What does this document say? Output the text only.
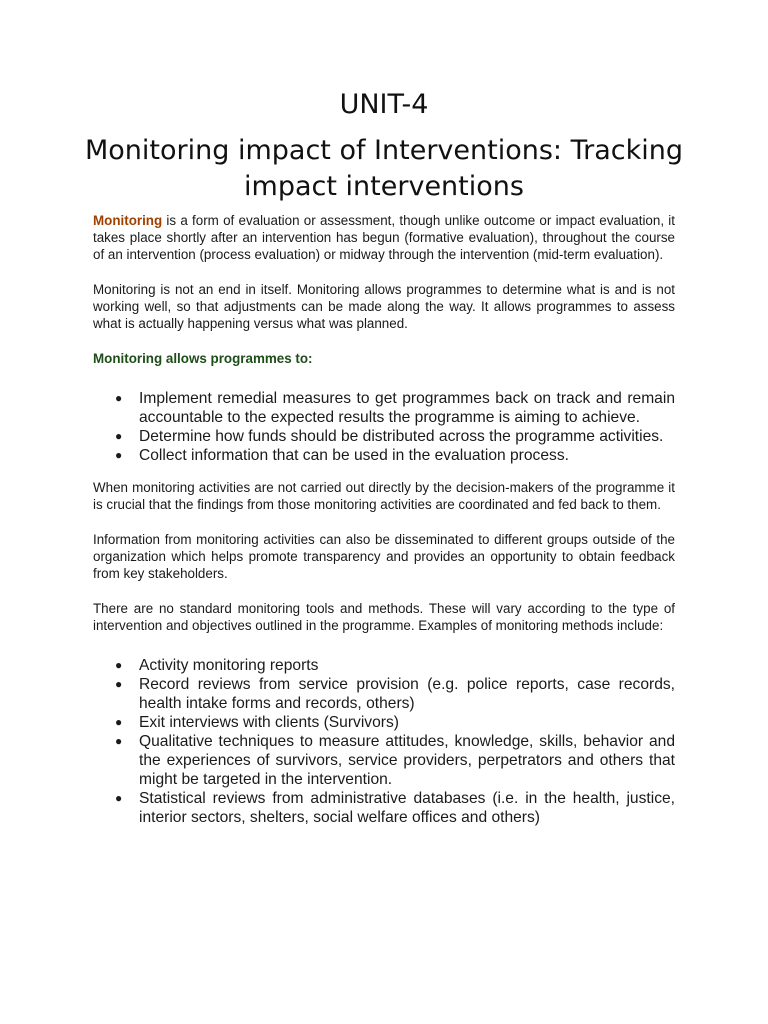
UNIT-4
Monitoring impact of Interventions: Tracking
impact interventions

Monitoring is a form of evaluation or assessment, though unlike outcome or impact evaluation, it takes place shortly after an intervention has begun (formative evaluation), throughout the course of an intervention (process evaluation) or midway through the intervention (mid-term evaluation).

Monitoring is not an end in itself. Monitoring allows programmes to determine what is and is not working well, so that adjustments can be made along the way. It allows programmes to assess what is actually happening versus what was planned.

Monitoring allows programmes to:

● Implement remedial measures to get programmes back on track and remain accountable to the expected results the programme is aiming to achieve.
● Determine how funds should be distributed across the programme activities.
● Collect information that can be used in the evaluation process.

When monitoring activities are not carried out directly by the decision-makers of the programme it is crucial that the findings from those monitoring activities are coordinated and fed back to them.

Information from monitoring activities can also be disseminated to different groups outside of the organization which helps promote transparency and provides an opportunity to obtain feedback from key stakeholders.

There are no standard monitoring tools and methods. These will vary according to the type of intervention and objectives outlined in the programme. Examples of monitoring methods include:

● Activity monitoring reports
● Record reviews from service provision (e.g. police reports, case records, health intake forms and records, others)
● Exit interviews with clients (Survivors)
● Qualitative techniques to measure attitudes, knowledge, skills, behavior and the experiences of survivors, service providers, perpetrators and others that might be targeted in the intervention.
● Statistical reviews from administrative databases (i.e. in the health, justice, interior sectors, shelters, social welfare offices and others)
